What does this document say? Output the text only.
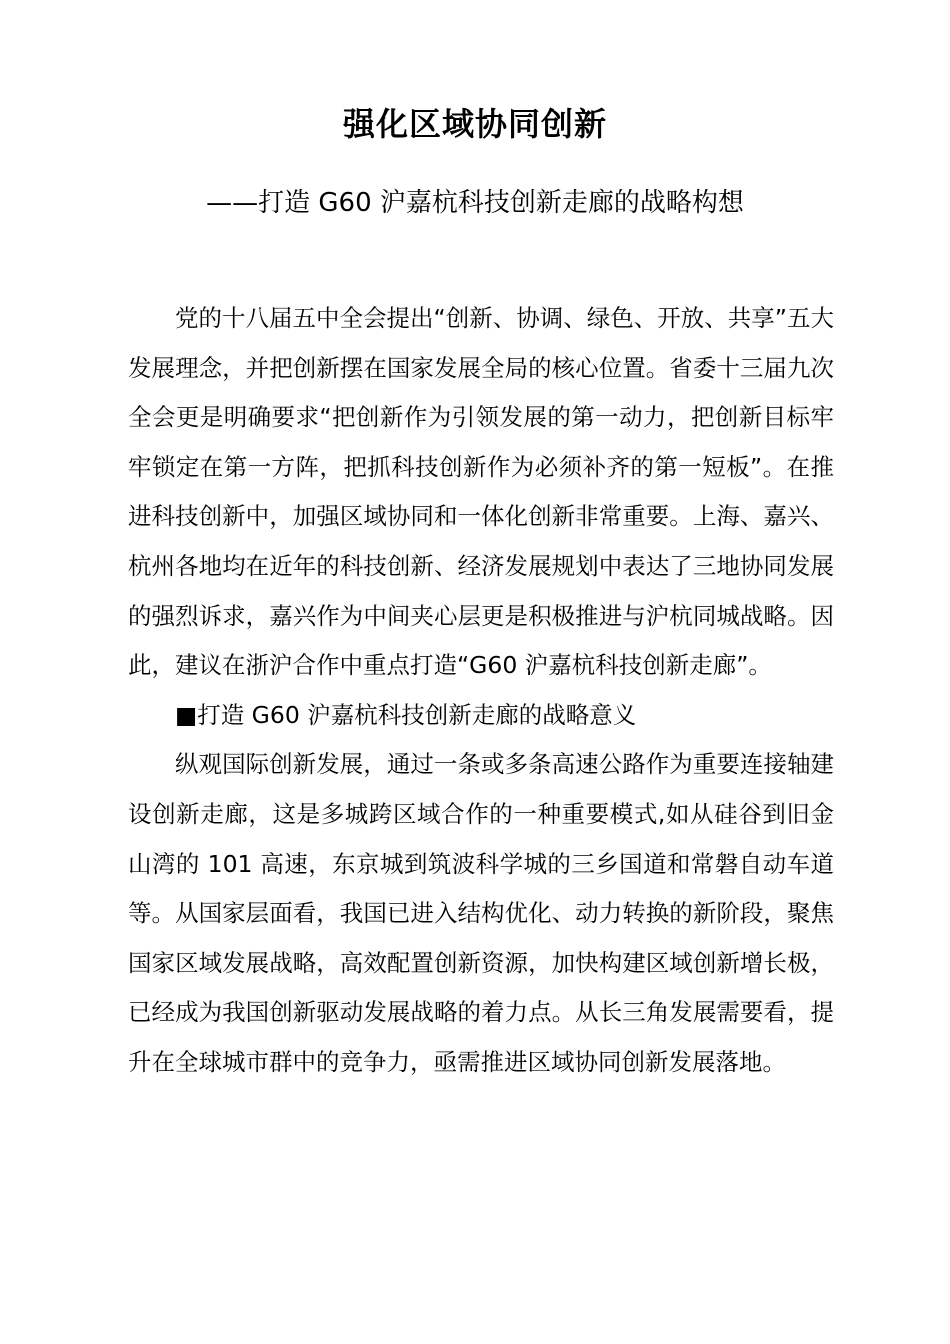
强化区域协同创新
——打造 G60 沪嘉杭科技创新走廊的战略构想

党的十八届五中全会提出“创新、协调、绿色、开放、共享”五大发展理念，并把创新摆在国家发展全局的核心位置。省委十三届九次全会更是明确要求“把创新作为引领发展的第一动力，把创新目标牢牢锁定在第一方阵，把抓科技创新作为必须补齐的第一短板”。在推进科技创新中，加强区域协同和一体化创新非常重要。上海、嘉兴、杭州各地均在近年的科技创新、经济发展规划中表达了三地协同发展的强烈诉求，嘉兴作为中间夹心层更是积极推进与沪杭同城战略。因此，建议在浙沪合作中重点打造“G60 沪嘉杭科技创新走廊”。

■打造 G60 沪嘉杭科技创新走廊的战略意义

纵观国际创新发展，通过一条或多条高速公路作为重要连接轴建设创新走廊，这是多城跨区域合作的一种重要模式,如从硅谷到旧金山湾的 101 高速，东京城到筑波科学城的三乡国道和常磐自动车道等。从国家层面看，我国已进入结构优化、动力转换的新阶段，聚焦国家区域发展战略，高效配置创新资源，加快构建区域创新增长极，已经成为我国创新驱动发展战略的着力点。从长三角发展需要看，提升在全球城市群中的竞争力，亟需推进区域协同创新发展落地。
